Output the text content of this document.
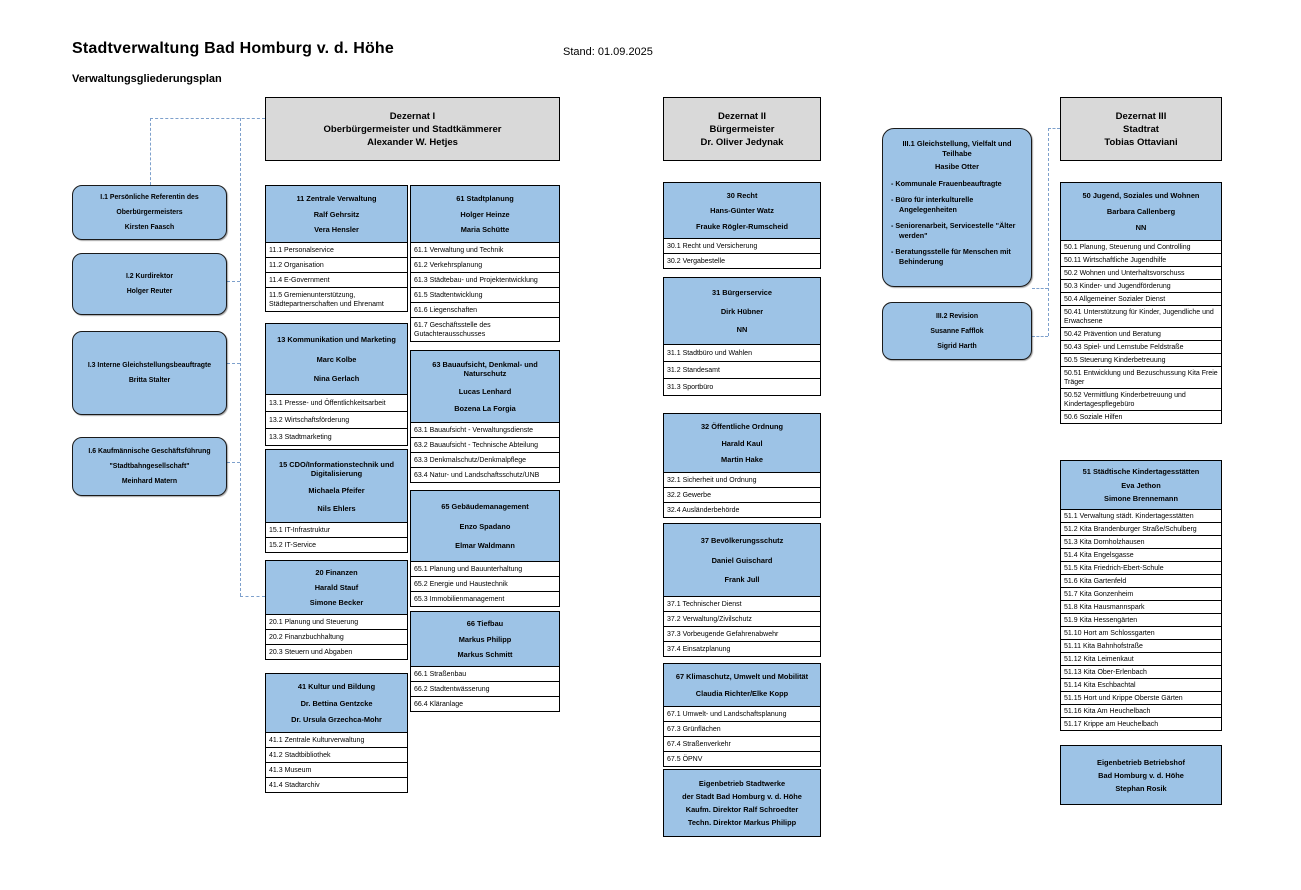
Stadtverwaltung Bad Homburg v. d. Höhe	Stand: 01.09.2025
Verwaltungsgliederungsplan
Dezernat I
Oberbürgermeister und Stadtkämmerer
Alexander W. Hetjes
Dezernat II
Bürgermeister
Dr. Oliver Jedynak
Dezernat III
Stadtrat
Tobias Ottaviani
I.1 Persönliche Referentin des
Oberbürgermeisters
Kirsten Faasch
I.2 Kurdirektor
Holger Reuter
I.3 Interne Gleichstellungsbeauftragte
Britta Stalter
I.6 Kaufmännische Geschäftsführung
"Stadtbahngesellschaft"
Meinhard Matern
III.2 Revision
Susanne Fafflok
Sigrid Harth
III.1 Gleichstellung, Vielfalt und Teilhabe
Hasibe Otter
- Kommunale Frauenbeauftragte
- Büro für interkulturelle Angelegenheiten
- Seniorenarbeit, Servicestelle "Älter werden"
- Beratungsstelle für Menschen mit Behinderung
11 Zentrale Verwaltung
Ralf Gehrsitz
Vera Hensler
11.1 Personalservice
11.2 Organisation
11.4 E-Government
11.5 Gremienunterstützung, Städtepartnerschaften und Ehrenamt
13 Kommunikation und Marketing
Marc Kolbe
Nina Gerlach
13.1 Presse- und Öffentlichkeitsarbeit
13.2 Wirtschaftsförderung
13.3 Stadtmarketing
15 CDO/Informationstechnik und Digitalisierung
Michaela Pfeifer
Nils Ehlers
15.1 IT-Infrastruktur
15.2 IT-Service
20 Finanzen
Harald Stauf
Simone Becker
20.1 Planung und Steuerung
20.2 Finanzbuchhaltung
20.3 Steuern und Abgaben
41 Kultur und Bildung
Dr. Bettina Gentzcke
Dr. Ursula Grzechca-Mohr
41.1 Zentrale Kulturverwaltung
41.2 Stadtbibliothek
41.3 Museum
41.4 Stadtarchiv
61 Stadtplanung
Holger Heinze
Maria Schütte
61.1 Verwaltung und Technik
61.2 Verkehrsplanung
61.3 Städtebau- und Projektentwicklung
61.5 Stadtentwicklung
61.6 Liegenschaften
61.7 Geschäftsstelle des Gutachterausschusses
63 Bauaufsicht, Denkmal- und Naturschutz
Lucas Lenhard
Bozena La Forgia
63.1 Bauaufsicht - Verwaltungsdienste
63.2 Bauaufsicht - Technische Abteilung
63.3 Denkmalschutz/Denkmalpflege
63.4 Natur- und Landschaftsschutz/UNB
65 Gebäudemanagement
Enzo Spadano
Elmar Waldmann
65.1 Planung und Bauunterhaltung
65.2 Energie und Haustechnik
65.3 Immobilienmanagement
66 Tiefbau
Markus Philipp
Markus Schmitt
66.1 Straßenbau
66.2 Stadtentwässerung
66.4 Kläranlage
30 Recht
Hans-Günter Watz
Frauke Rögler-Rumscheid
30.1 Recht und Versicherung
30.2 Vergabestelle
31 Bürgerservice
Dirk Hübner
NN
31.1 Stadtbüro und Wahlen
31.2 Standesamt
31.3 Sportbüro
32 Öffentliche Ordnung
Harald Kaul
Martin Hake
32.1 Sicherheit und Ordnung
32.2 Gewerbe
32.4 Ausländerbehörde
37 Bevölkerungsschutz
Daniel Guischard
Frank Jull
37.1 Technischer Dienst
37.2 Verwaltung/Zivilschutz
37.3 Vorbeugende Gefahrenabwehr
37.4 Einsatzplanung
67 Klimaschutz, Umwelt und Mobilität
Claudia Richter/Elke Kopp
67.1 Umwelt- und Landschaftsplanung
67.3 Grünflächen
67.4 Straßenverkehr
67.5 ÖPNV
50 Jugend, Soziales und Wohnen
Barbara Callenberg
NN
50.1 Planung, Steuerung und Controlling
50.11 Wirtschaftliche Jugendhilfe
50.2 Wohnen und Unterhaltsvorschuss
50.3 Kinder- und Jugendförderung
50.4 Allgemeiner Sozialer Dienst
50.41 Unterstützung für Kinder, Jugendliche und Erwachsene
50.42 Prävention und Beratung
50.43 Spiel- und Lernstube Feldstraße
50.5 Steuerung Kinderbetreuung
50.51 Entwicklung und Bezuschussung Kita Freie Träger
50.52 Vermittlung Kinderbetreuung und Kindertagespflegebüro
50.6 Soziale Hilfen
51 Städtische Kindertagesstätten
Eva Jethon
Simone Brennemann
51.1 Verwaltung städt. Kindertagesstätten
51.2 Kita Brandenburger Straße/Schulberg
51.3 Kita Dornholzhausen
51.4 Kita Engelsgasse
51.5 Kita Friedrich-Ebert-Schule
51.6 Kita Gartenfeld
51.7 Kita Gonzenheim
51.8 Kita Hausmannspark
51.9 Kita Hessengärten
51.10 Hort am Schlossgarten
51.11 Kita Bahnhofstraße
51.12 Kita Leimenkaut
51.13 Kita Ober-Erlenbach
51.14 Kita Eschbachtal
51.15 Hort und Krippe Oberste Gärten
51.16 Kita Am Heuchelbach
51.17 Krippe am Heuchelbach
Eigenbetrieb Stadtwerke
der Stadt Bad Homburg v. d. Höhe
Kaufm. Direktor Ralf Schroedter
Techn. Direktor Markus Philipp
Eigenbetrieb Betriebshof
Bad Homburg v. d. Höhe
Stephan Rosik
